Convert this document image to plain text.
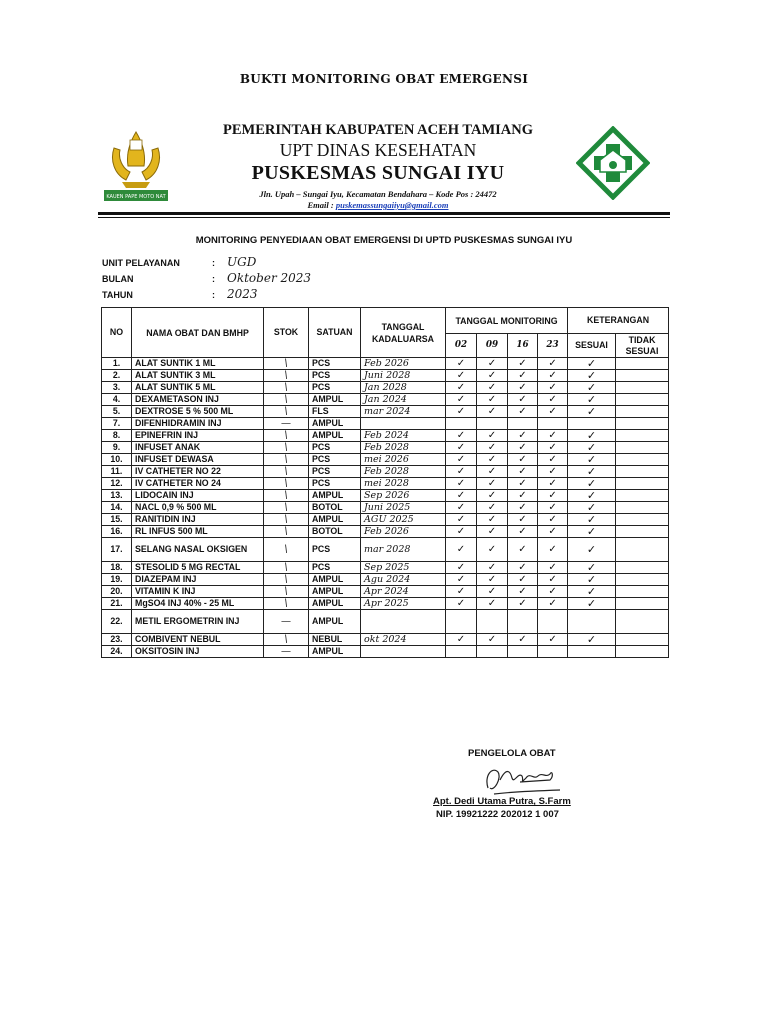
BUKTI MONITORING OBAT EMERGENSI
KAUEN PAPE MOTO NAT
PEMERINTAH KABUPATEN ACEH TAMIANG
UPT DINAS KESEHATAN
PUSKESMAS SUNGAI IYU
Jln. Upah – Sungai Iyu, Kecamatan Bendahara – Kode Pos : 24472
Email : puskemassungaiiyu@gmail.com
MONITORING PENYEDIAAN OBAT EMERGENSI DI UPTD PUSKESMAS SUNGAI IYU
UNIT PELAYANAN	: UGD
BULAN	: Oktober 2023
TAHUN	: 2023
NO	NAMA OBAT DAN BMHP	STOK	SATUAN	TANGGAL KADALUARSA	TANGGAL MONITORING				KETERANGAN	
					02	09	16	23	SESUAI	TIDAK SESUAI
1.	ALAT SUNTIK 1 ML	\	PCS	Feb 2026	✓	✓	✓	✓	✓	
2.	ALAT SUNTIK 3 ML	\	PCS	Juni 2028	✓	✓	✓	✓	✓	
3.	ALAT SUNTIK 5 ML	\	PCS	Jan 2028	✓	✓	✓	✓	✓	
4.	DEXAMETASON INJ	\	AMPUL	Jan 2024	✓	✓	✓	✓	✓	
5.	DEXTROSE 5 % 500 ML	\	FLS	mar 2024	✓	✓	✓	✓	✓	
7.	DIFENHIDRAMIN INJ	—	AMPUL							
8.	EPINEFRIN INJ	\	AMPUL	Feb 2024	✓	✓	✓	✓	✓	
9.	INFUSET ANAK	\	PCS	Feb 2028	✓	✓	✓	✓	✓	
10.	INFUSET DEWASA	\	PCS	mei 2026	✓	✓	✓	✓	✓	
11.	IV CATHETER NO 22	\	PCS	Feb 2028	✓	✓	✓	✓	✓	
12.	IV CATHETER NO 24	\	PCS	mei 2028	✓	✓	✓	✓	✓	
13.	LIDOCAIN INJ	\	AMPUL	Sep 2026	✓	✓	✓	✓	✓	
14.	NACL 0,9 % 500 ML	\	BOTOL	Juni 2025	✓	✓	✓	✓	✓	
15.	RANITIDIN INJ	\	AMPUL	AGU 2025	✓	✓	✓	✓	✓	
16.	RL INFUS 500 ML	\	BOTOL	Feb 2026	✓	✓	✓	✓	✓	
17.	SELANG NASAL OKSIGEN	\	PCS	mar 2028	✓	✓	✓	✓	✓	
18.	STESOLID 5 MG RECTAL	\	PCS	Sep 2025	✓	✓	✓	✓	✓	
19.	DIAZEPAM INJ	\	AMPUL	Agu 2024	✓	✓	✓	✓	✓	
20.	VITAMIN K INJ	\	AMPUL	Apr 2024	✓	✓	✓	✓	✓	
21.	MgSO4 INJ 40% - 25 ML	\	AMPUL	Apr 2025	✓	✓	✓	✓	✓	
22.	METIL ERGOMETRIN INJ	—	AMPUL							
23.	COMBIVENT NEBUL	\	NEBUL	okt 2024	✓	✓	✓	✓	✓	
24.	OKSITOSIN INJ	—	AMPUL							
PENGELOLA OBAT
Apt. Dedi Utama Putra, S.Farm
NIP. 19921222 202012 1 007
